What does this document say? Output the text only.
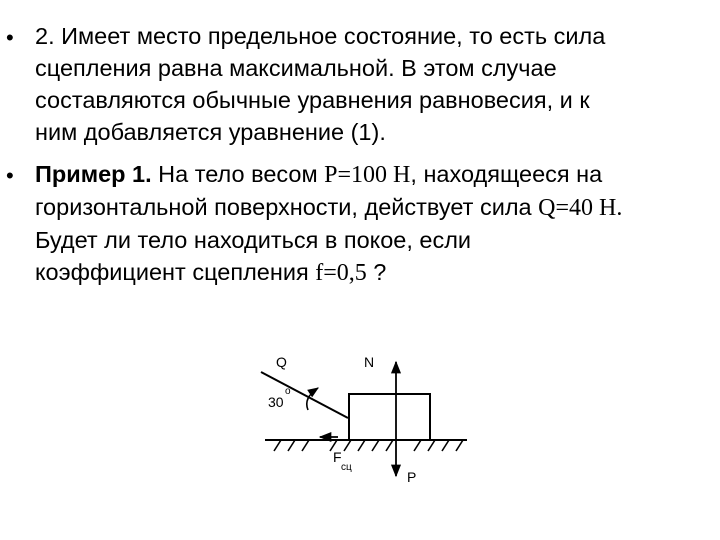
• 2. Имеет место предельное состояние, то есть сила
сцепления равна максимальной. В этом случае
составляются обычные уравнения равновесия, и к
ним добавляется уравнение (1).
• Пример 1. На тело весом P=100 Н, находящееся на
горизонтальной поверхности, действует сила Q=40 Н.
Будет ли тело находиться в покое, если
коэффициент сцепления f=0,5 ?
Q	N
30
o
F
сц
P
